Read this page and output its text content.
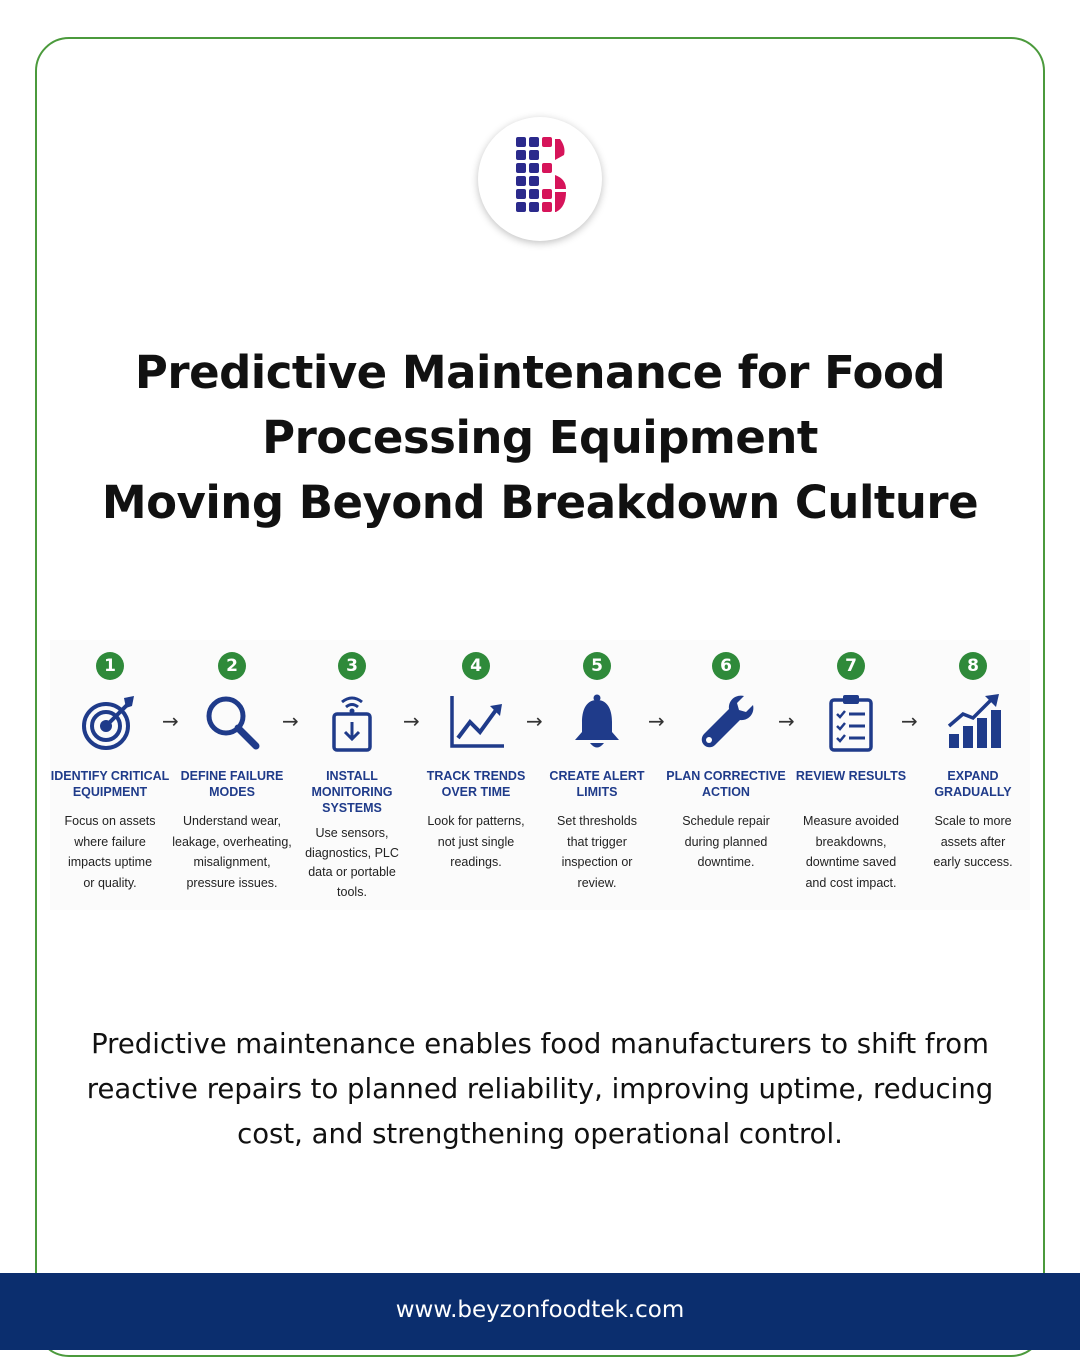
Predictive Maintenance for Food
Processing Equipment
Moving Beyond Breakdown Culture
1
IDENTIFY CRITICAL
EQUIPMENT
Focus on assets
where failure
impacts uptime
or quality.
→
2
DEFINE FAILURE
MODES
Understand wear,
leakage, overheating,
misalignment,
pressure issues.
→
3
INSTALL
MONITORING
SYSTEMS
Use sensors,
diagnostics, PLC
data or portable
tools.
→
4
TRACK TRENDS
OVER TIME
Look for patterns,
not just single
readings.
→
5
CREATE ALERT
LIMITS
Set thresholds
that trigger
inspection or
review.
→
6
PLAN CORRECTIVE
ACTION
Schedule repair
during planned
downtime.
→
7
REVIEW RESULTS
Measure avoided
breakdowns,
downtime saved
and cost impact.
→
8
EXPAND
GRADUALLY
Scale to more
assets after
early success.
Predictive maintenance enables food manufacturers to shift from
reactive repairs to planned reliability, improving uptime, reducing
cost, and strengthening operational control.
www.beyzonfoodtek.com
